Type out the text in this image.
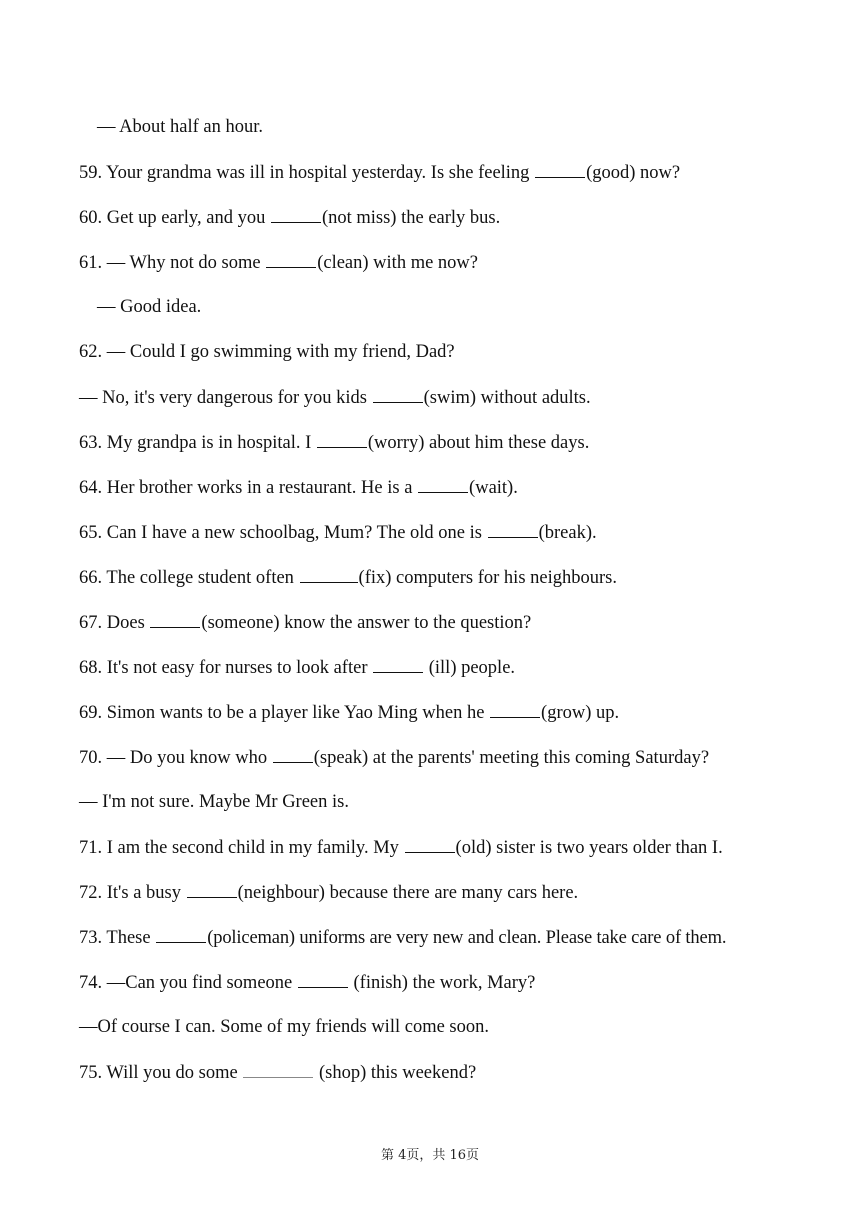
— About half an hour.
59. Your grandma was ill in hospital yesterday. Is she feeling	(good) now?
60. Get up early, and you	(not miss) the early bus.
61. — Why not do some	(clean) with me now?
— Good idea.
62. — Could I go swimming with my friend, Dad?
— No, it's very dangerous for you kids	(swim) without adults.
63. My grandpa is in hospital. I	(worry) about him these days.
64. Her brother works in a restaurant. He is a	(wait).
65. Can I have a new schoolbag, Mum? The old one is	(break).
66. The college student often	(fix) computers for his neighbours.
67. Does	(someone) know the answer to the question?
68. It's not easy for nurses to look after	(ill) people.
69. Simon wants to be a player like Yao Ming when he	(grow) up.
70. — Do you know who (speak) at the parents' meeting this coming Saturday?
— I'm not sure. Maybe Mr Green is.
71. I am the second child in my family. My	(old) sister is two years older than I.
72. It's a busy	(neighbour) because there are many cars here.
73. These	(policeman) uniforms are very new and clean. Please take care of them.
74. —Can you find someone	(finish) the work, Mary?
—Of course I can. Some of my friends will come soon.
75. Will you do some	(shop) this weekend?
第 4页，共 16页
